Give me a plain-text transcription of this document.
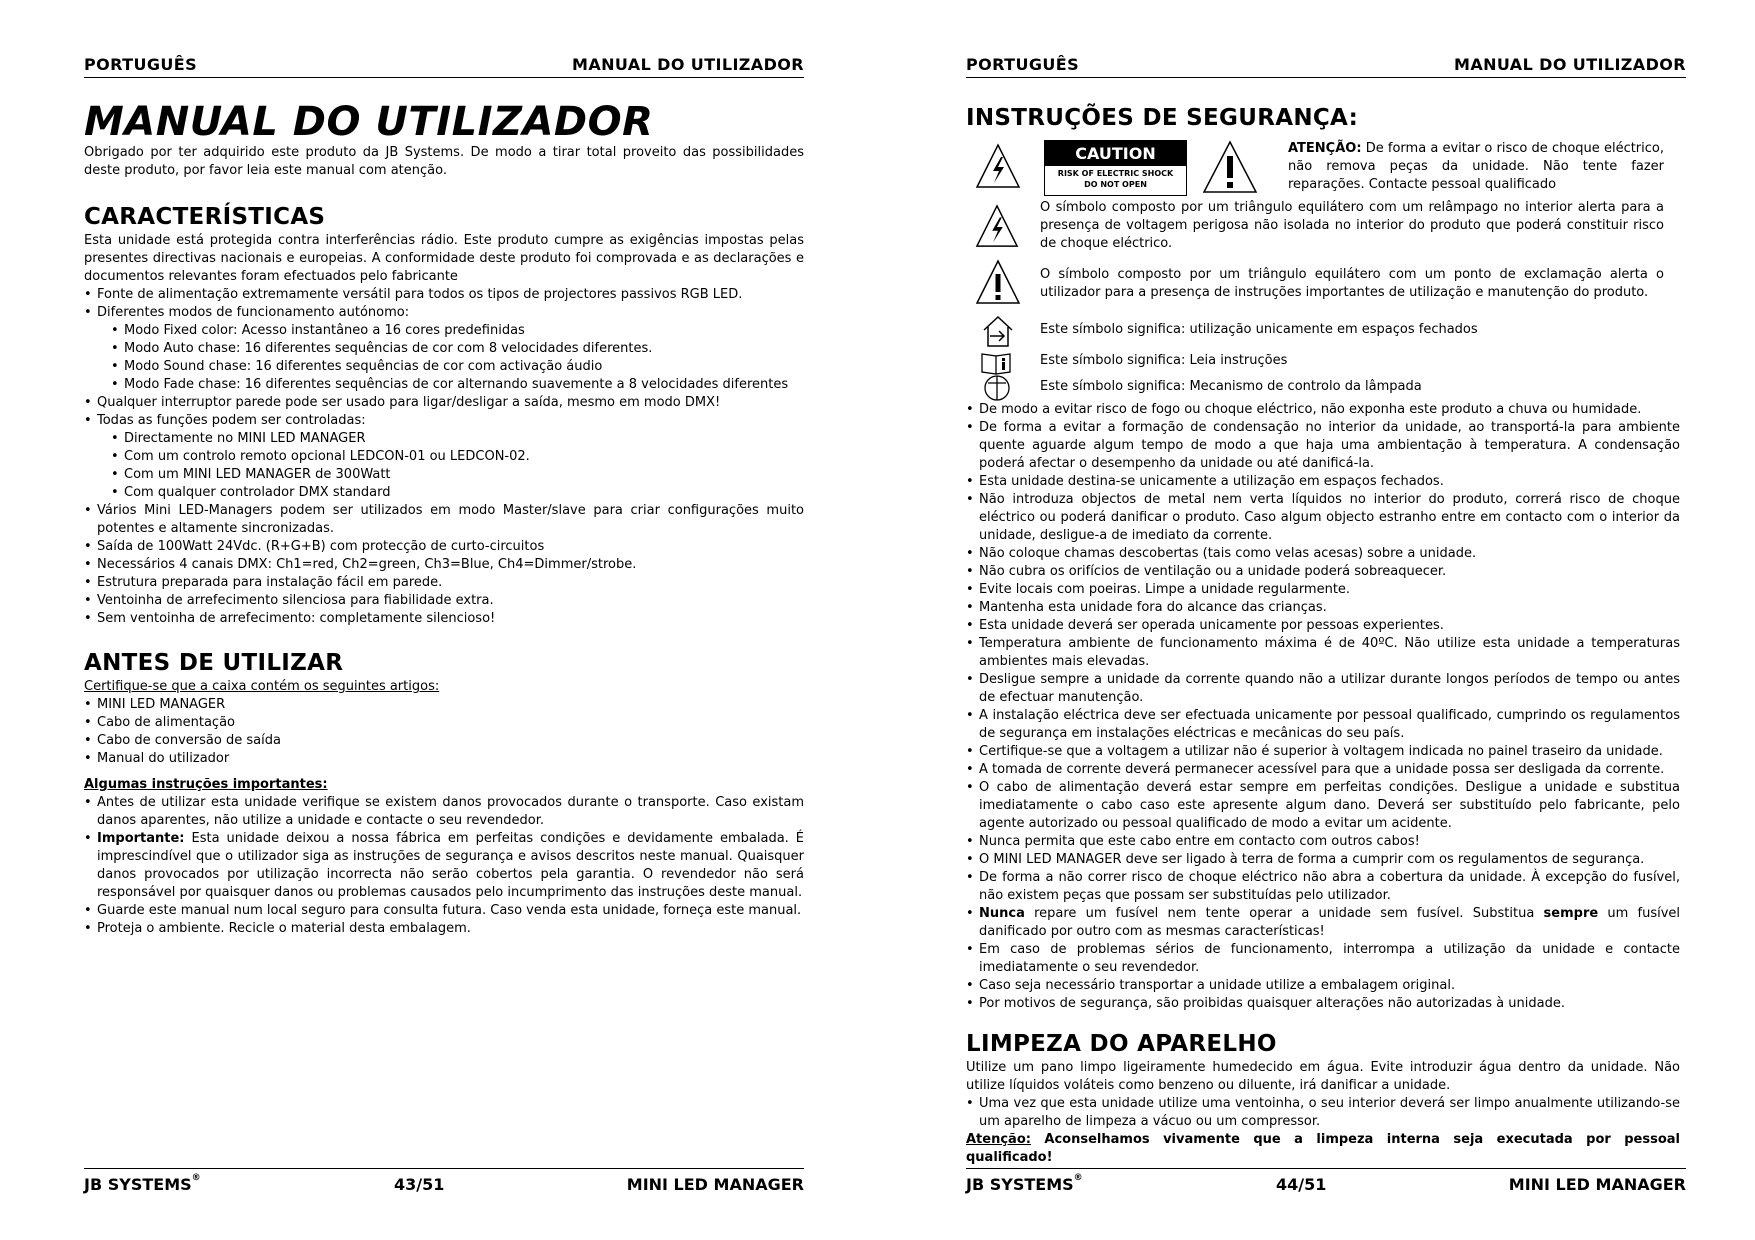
PORTUGUÊS	MANUAL DO UTILIZADOR
MANUAL DO UTILIZADOR

Obrigado por ter adquirido este produto da JB Systems. De modo a tirar total proveito das possibilidades deste produto, por favor leia este manual com atenção.

CARACTERÍSTICAS

Esta unidade está protegida contra interferências rádio. Este produto cumpre as exigências impostas pelas presentes directivas nacionais e europeias. A conformidade deste produto foi comprovada e as declarações e documentos relevantes foram efectuados pelo fabricante

• Fonte de alimentação extremamente versátil para todos os tipos de projectores passivos RGB LED.
• Diferentes modos de funcionamento autónomo:
• Modo Fixed color: Acesso instantâneo a 16 cores predefinidas
• Modo Auto chase: 16 diferentes sequências de cor com 8 velocidades diferentes.
• Modo Sound chase: 16 diferentes sequências de cor com activação áudio
• Modo Fade chase: 16 diferentes sequências de cor alternando suavemente a 8 velocidades diferentes
• Qualquer interruptor parede pode ser usado para ligar/desligar a saída, mesmo em modo DMX!
• Todas as funções podem ser controladas:
• Directamente no MINI LED MANAGER
• Com um controlo remoto opcional LEDCON-01 ou LEDCON-02.
• Com um MINI LED MANAGER de 300Watt
• Com qualquer controlador DMX standard
• Vários Mini LED-Managers podem ser utilizados em modo Master/slave para criar configurações muito potentes e altamente sincronizadas.
• Saída de 100Watt 24Vdc. (R+G+B) com protecção de curto-circuitos
• Necessários 4 canais DMX: Ch1=red, Ch2=green, Ch3=Blue, Ch4=Dimmer/strobe.
• Estrutura preparada para instalação fácil em parede.
• Ventoinha de arrefecimento silenciosa para fiabilidade extra.
• Sem ventoinha de arrefecimento: completamente silencioso!
ANTES DE UTILIZAR

Certifique-se que a caixa contém os seguintes artigos:

• MINI LED MANAGER
• Cabo de alimentação
• Cabo de conversão de saída
• Manual do utilizador

Algumas instruções importantes:

• Antes de utilizar esta unidade verifique se existem danos provocados durante o transporte. Caso existam danos aparentes, não utilize a unidade e contacte o seu revendedor.
• Importante: Esta unidade deixou a nossa fábrica em perfeitas condições e devidamente embalada. É imprescindível que o utilizador siga as instruções de segurança e avisos descritos neste manual. Quaisquer danos provocados por utilização incorrecta não serão cobertos pela garantia. O revendedor não será responsável por quaisquer danos ou problemas causados pelo incumprimento das instruções deste manual.
• Guarde este manual num local seguro para consulta futura. Caso venda esta unidade, forneça este manual.
• Proteja o ambiente. Recicle o material desta embalagem.
JB SYSTEMS®	43/51	MINI LED MANAGER
PORTUGUÊS	MANUAL DO UTILIZADOR
INSTRUÇÕES DE SEGURANÇA:
CAUTION
RISK OF ELECTRIC SHOCK
DO NOT OPEN

ATENÇÃO: De forma a evitar o risco de choque eléctrico, não remova peças da unidade. Não tente fazer reparações. Contacte pessoal qualificado

O símbolo composto por um triângulo equilátero com um relâmpago no interior alerta para a presença de voltagem perigosa não isolada no interior do produto que poderá constituir risco de choque eléctrico.

O símbolo composto por um triângulo equilátero com um ponto de exclamação alerta o utilizador para a presença de instruções importantes de utilização e manutenção do produto.

Este símbolo significa: utilização unicamente em espaços fechados

Este símbolo significa: Leia instruções

Este símbolo significa: Mecanismo de controlo da lâmpada

• De modo a evitar risco de fogo ou choque eléctrico, não exponha este produto a chuva ou humidade.
• De forma a evitar a formação de condensação no interior da unidade, ao transportá-la para ambiente quente aguarde algum tempo de modo a que haja uma ambientação à temperatura. A condensação poderá afectar o desempenho da unidade ou até danificá-la.
• Esta unidade destina-se unicamente a utilização em espaços fechados.
• Não introduza objectos de metal nem verta líquidos no interior do produto, correrá risco de choque eléctrico ou poderá danificar o produto. Caso algum objecto estranho entre em contacto com o interior da unidade, desligue-a de imediato da corrente.
• Não coloque chamas descobertas (tais como velas acesas) sobre a unidade.
• Não cubra os orifícios de ventilação ou a unidade poderá sobreaquecer.
• Evite locais com poeiras. Limpe a unidade regularmente.
• Mantenha esta unidade fora do alcance das crianças.
• Esta unidade deverá ser operada unicamente por pessoas experientes.
• Temperatura ambiente de funcionamento máxima é de 40ºC. Não utilize esta unidade a temperaturas ambientes mais elevadas.
• Desligue sempre a unidade da corrente quando não a utilizar durante longos períodos de tempo ou antes de efectuar manutenção.
• A instalação eléctrica deve ser efectuada unicamente por pessoal qualificado, cumprindo os regulamentos de segurança em instalações eléctricas e mecânicas do seu país.
• Certifique-se que a voltagem a utilizar não é superior à voltagem indicada no painel traseiro da unidade.
• A tomada de corrente deverá permanecer acessível para que a unidade possa ser desligada da corrente.
• O cabo de alimentação deverá estar sempre em perfeitas condições. Desligue a unidade e substitua imediatamente o cabo caso este apresente algum dano. Deverá ser substituído pelo fabricante, pelo agente autorizado ou pessoal qualificado de modo a evitar um acidente.
• Nunca permita que este cabo entre em contacto com outros cabos!
• O MINI LED MANAGER deve ser ligado à terra de forma a cumprir com os regulamentos de segurança.
• De forma a não correr risco de choque eléctrico não abra a cobertura da unidade. À excepção do fusível, não existem peças que possam ser substituídas pelo utilizador.
• Nunca repare um fusível nem tente operar a unidade sem fusível. Substitua sempre um fusível danificado por outro com as mesmas características!
• Em caso de problemas sérios de funcionamento, interrompa a utilização da unidade e contacte imediatamente o seu revendedor.
• Caso seja necessário transportar a unidade utilize a embalagem original.
• Por motivos de segurança, são proibidas quaisquer alterações não autorizadas à unidade.
LIMPEZA DO APARELHO

Utilize um pano limpo ligeiramente humedecido em água. Evite introduzir água dentro da unidade. Não utilize líquidos voláteis como benzeno ou diluente, irá danificar a unidade.

• Uma vez que esta unidade utilize uma ventoinha, o seu interior deverá ser limpo anualmente utilizando-se um aparelho de limpeza a vácuo ou um compressor.

Atenção: Aconselhamos vivamente que a limpeza interna seja executada por pessoal qualificado!

JB SYSTEMS®	44/51	MINI LED MANAGER
